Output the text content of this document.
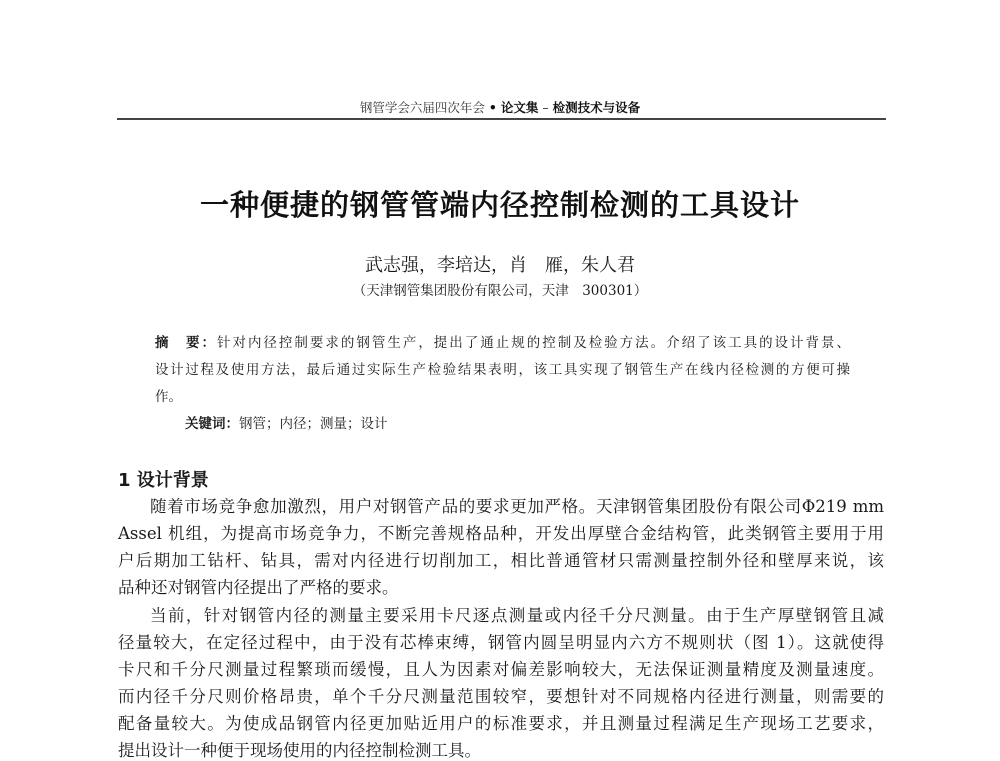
钢管学会六届四次年会 • 论文集 – 检测技术与设备
一种便捷的钢管管端内径控制检测的工具设计
武志强，李培达，肖　雁，朱人君
（天津钢管集团股份有限公司，天津　300301）
摘　要：针对内径控制要求的钢管生产，提出了通止规的控制及检验方法。介绍了该工具的设计背景、
设计过程及使用方法，最后通过实际生产检验结果表明，该工具实现了钢管生产在线内径检测的方便可操
作。
关键词：钢管；内径；测量；设计
1 设计背景
随着市场竞争愈加激烈，用户对钢管产品的要求更加严格。天津钢管集团股份有限公司Φ219 mm
Assel 机组，为提高市场竞争力，不断完善规格品种，开发出厚壁合金结构管，此类钢管主要用于用
户后期加工钻杆、钻具，需对内径进行切削加工，相比普通管材只需测量控制外径和壁厚来说，该
品种还对钢管内径提出了严格的要求。
当前，针对钢管内径的测量主要采用卡尺逐点测量或内径千分尺测量。由于生产厚壁钢管且减
径量较大，在定径过程中，由于没有芯棒束缚，钢管内圆呈明显内六方不规则状（图 1）。这就使得
卡尺和千分尺测量过程繁琐而缓慢，且人为因素对偏差影响较大，无法保证测量精度及测量速度。
而内径千分尺则价格昂贵，单个千分尺测量范围较窄，要想针对不同规格内径进行测量，则需要的
配备量较大。为使成品钢管内径更加贴近用户的标准要求，并且测量过程满足生产现场工艺要求，
提出设计一种便于现场使用的内径控制检测工具。
